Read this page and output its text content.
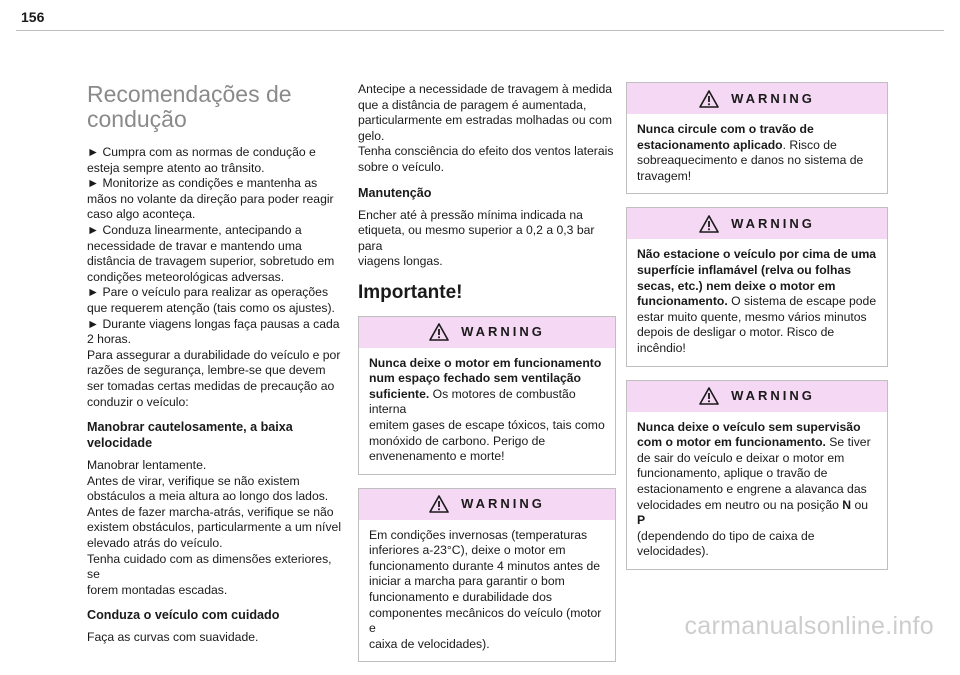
156
Recomendações de
condução
► Cumpra com as normas de condução e
esteja sempre atento ao trânsito.
► Monitorize as condições e mantenha as
mãos no volante da direção para poder reagir
caso algo aconteça.
► Conduza linearmente, antecipando a
necessidade de travar e mantendo uma
distância de travagem superior, sobretudo em
condições meteorológicas adversas.
► Pare o veículo para realizar as operações
que requerem atenção (tais como os ajustes).
► Durante viagens longas faça pausas a cada
2 horas.
Para assegurar a durabilidade do veículo e por
razões de segurança, lembre-se que devem
ser tomadas certas medidas de precaução ao
conduzir o veículo:
Manobrar cautelosamente, a baixa
velocidade
Manobrar lentamente.
Antes de virar, verifique se não existem
obstáculos a meia altura ao longo dos lados.
Antes de fazer marcha-atrás, verifique se não
existem obstáculos, particularmente a um nível
elevado atrás do veículo.
Tenha cuidado com as dimensões exteriores, se
forem montadas escadas.
Conduza o veículo com cuidado
Faça as curvas com suavidade.
Antecipe a necessidade de travagem à medida
que a distância de paragem é aumentada,
particularmente em estradas molhadas ou com
gelo.
Tenha consciência do efeito dos ventos laterais
sobre o veículo.
Manutenção
Encher até à pressão mínima indicada na
etiqueta, ou mesmo superior a 0,2 a 0,3 bar para
viagens longas.
Importante!
WARNING
Nunca deixe o motor em funcionamento
num espaço fechado sem ventilação
suficiente. Os motores de combustão interna
emitem gases de escape tóxicos, tais como
monóxido de carbono. Perigo de
envenenamento e morte!
WARNING
Em condições invernosas (temperaturas
inferiores a-23°C), deixe o motor em
funcionamento durante 4 minutos antes de
iniciar a marcha para garantir o bom
funcionamento e durabilidade dos
componentes mecânicos do veículo (motor e
caixa de velocidades).
WARNING
Nunca circule com o travão de
estacionamento aplicado. Risco de
sobreaquecimento e danos no sistema de
travagem!
WARNING
Não estacione o veículo por cima de uma
superfície inflamável (relva ou folhas
secas, etc.) nem deixe o motor em
funcionamento. O sistema de escape pode
estar muito quente, mesmo vários minutos
depois de desligar o motor. Risco de
incêndio!
WARNING
Nunca deixe o veículo sem supervisão
com o motor em funcionamento. Se tiver
de sair do veículo e deixar o motor em
funcionamento, aplique o travão de
estacionamento e engrene a alavanca das
velocidades em neutro ou na posição N ou P
(dependendo do tipo de caixa de
velocidades).
carmanualsonline.info
